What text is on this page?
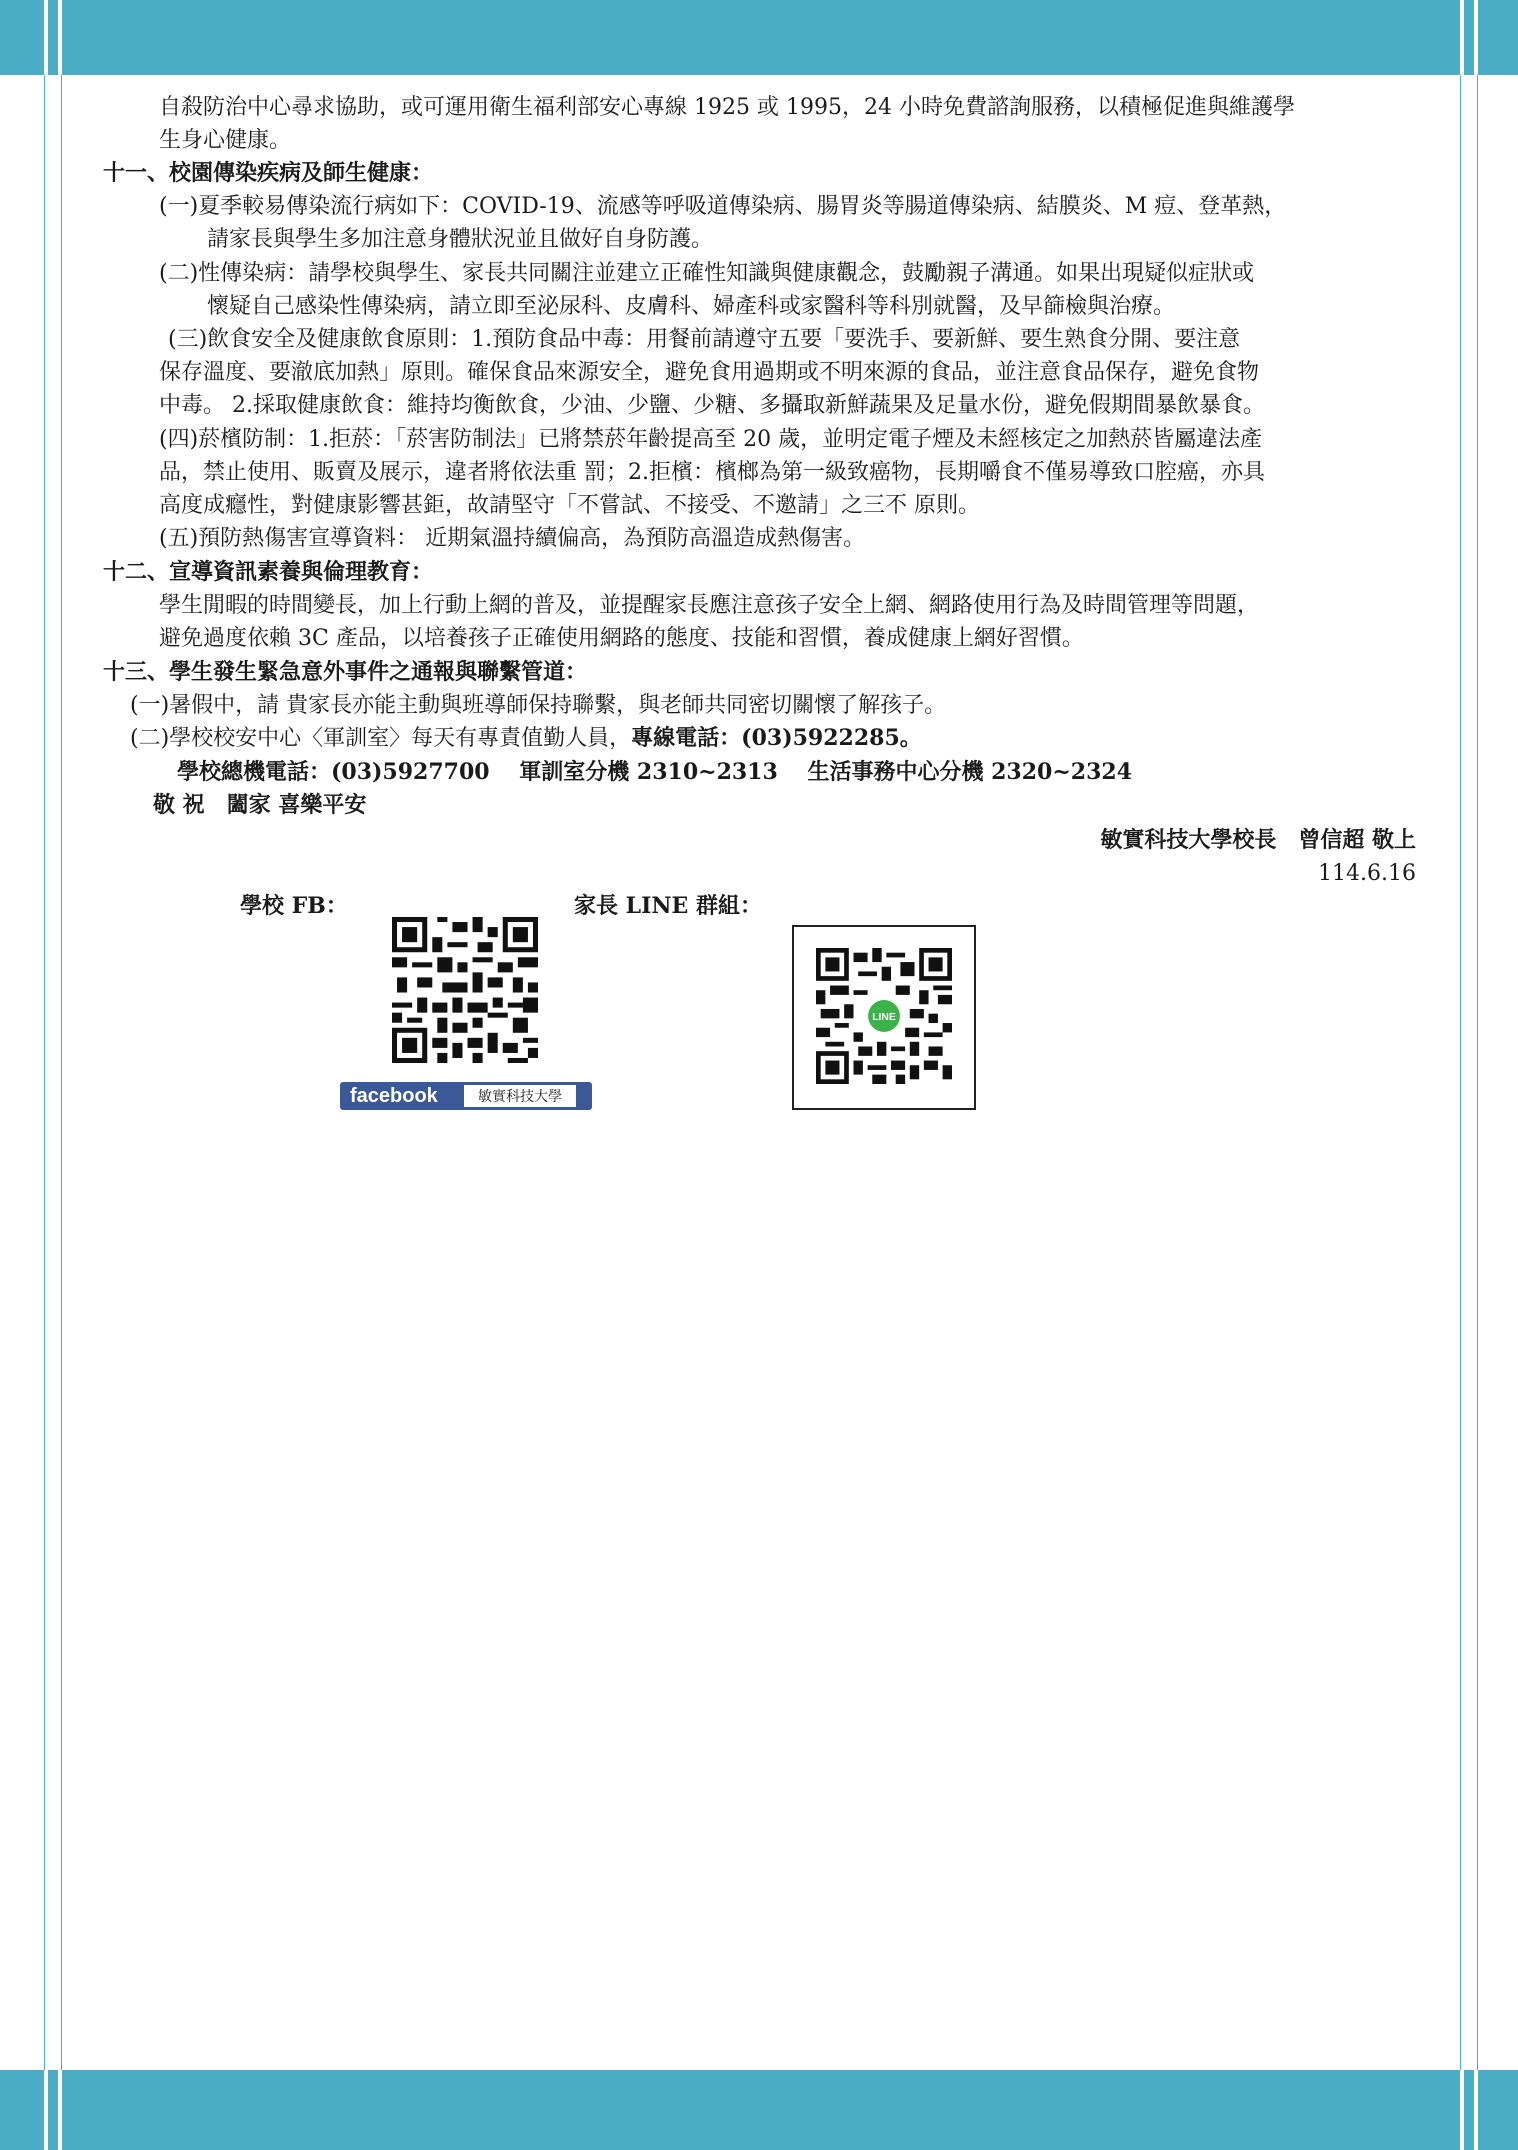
自殺防治中心尋求協助，或可運用衛生福利部安心專線 1925 或 1995，24 小時免費諮詢服務，以積極促進與維護學
生身心健康。
十一、校園傳染疾病及師生健康：
(一)夏季較易傳染流行病如下：COVID-19、流感等呼吸道傳染病、腸胃炎等腸道傳染病、結膜炎、M 痘、登革熱，
請家長與學生多加注意身體狀況並且做好自身防護。
(二)性傳染病：請學校與學生、家長共同關注並建立正確性知識與健康觀念，鼓勵親子溝通。如果出現疑似症狀或
懷疑自己感染性傳染病，請立即至泌尿科、皮膚科、婦產科或家醫科等科別就醫，及早篩檢與治療。
(三)飲食安全及健康飲食原則：1.預防食品中毒：用餐前請遵守五要「要洗手、要新鮮、要生熟食分開、要注意
保存溫度、要澈底加熱」原則。確保食品來源安全，避免食用過期或不明來源的食品，並注意食品保存，避免食物
中毒。 2.採取健康飲食：維持均衡飲食，少油、少鹽、少糖、多攝取新鮮蔬果及足量水份，避免假期間暴飲暴食。
(四)菸檳防制：1.拒菸：「菸害防制法」已將禁菸年齡提高至 20 歲，並明定電子煙及未經核定之加熱菸皆屬違法產
品，禁止使用、販賣及展示，違者將依法重 罰；2.拒檳：檳榔為第一級致癌物，長期嚼食不僅易導致口腔癌，亦具
高度成癮性，對健康影響甚鉅，故請堅守「不嘗試、不接受、不邀請」之三不 原則。
(五)預防熱傷害宣導資料： 近期氣溫持續偏高，為預防高溫造成熱傷害。
十二、宣導資訊素養與倫理教育：
學生閒暇的時間變長，加上行動上網的普及，並提醒家長應注意孩子安全上網、網路使用行為及時間管理等問題，
避免過度依賴 3C 產品，以培養孩子正確使用網路的態度、技能和習慣，養成健康上網好習慣。
十三、學生發生緊急意外事件之通報與聯繫管道：
(一)暑假中，請 貴家長亦能主動與班導師保持聯繫，與老師共同密切關懷了解孩子。
(二)學校校安中心〈軍訓室〉每天有專責值勤人員，專線電話：(03)5922285。
學校總機電話：(03)5927700　 軍訓室分機 2310~2313　 生活事務中心分機 2320~2324
敬 祝　闔家 喜樂平安
敏實科技大學校長　曾信超 敬上
114.6.16
學校 FB：	家長 LINE 群組：
facebook	敏實科技大學
LINE
